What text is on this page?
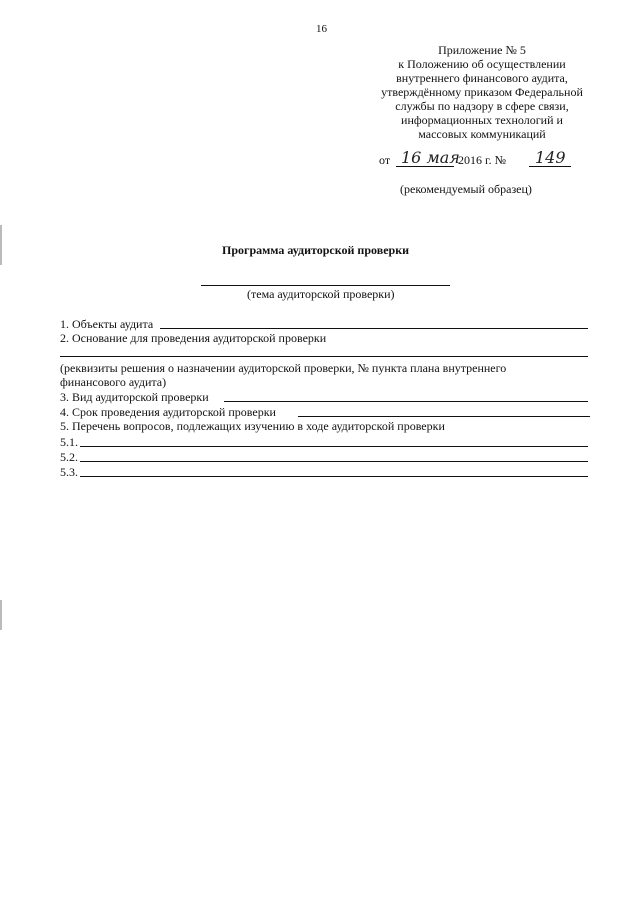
16
Приложение № 5
к Положению об осуществлении
внутреннего финансового аудита,
утверждённому приказом Федеральной
службы по надзору в сфере связи,
информационных технологий и
массовых коммуникаций
от 16 мая
2016 г. № 149
(рекомендуемый образец)
Программа аудиторской проверки
(тема аудиторской проверки)
1. Объекты аудита
2. Основание для проведения аудиторской проверки
(реквизиты решения о назначении аудиторской проверки, № пункта плана внутреннего
финансового аудита)
3. Вид аудиторской проверки
4. Срок проведения аудиторской проверки
5. Перечень вопросов, подлежащих изучению в ходе аудиторской проверки
5.1.
5.2.
5.3.
